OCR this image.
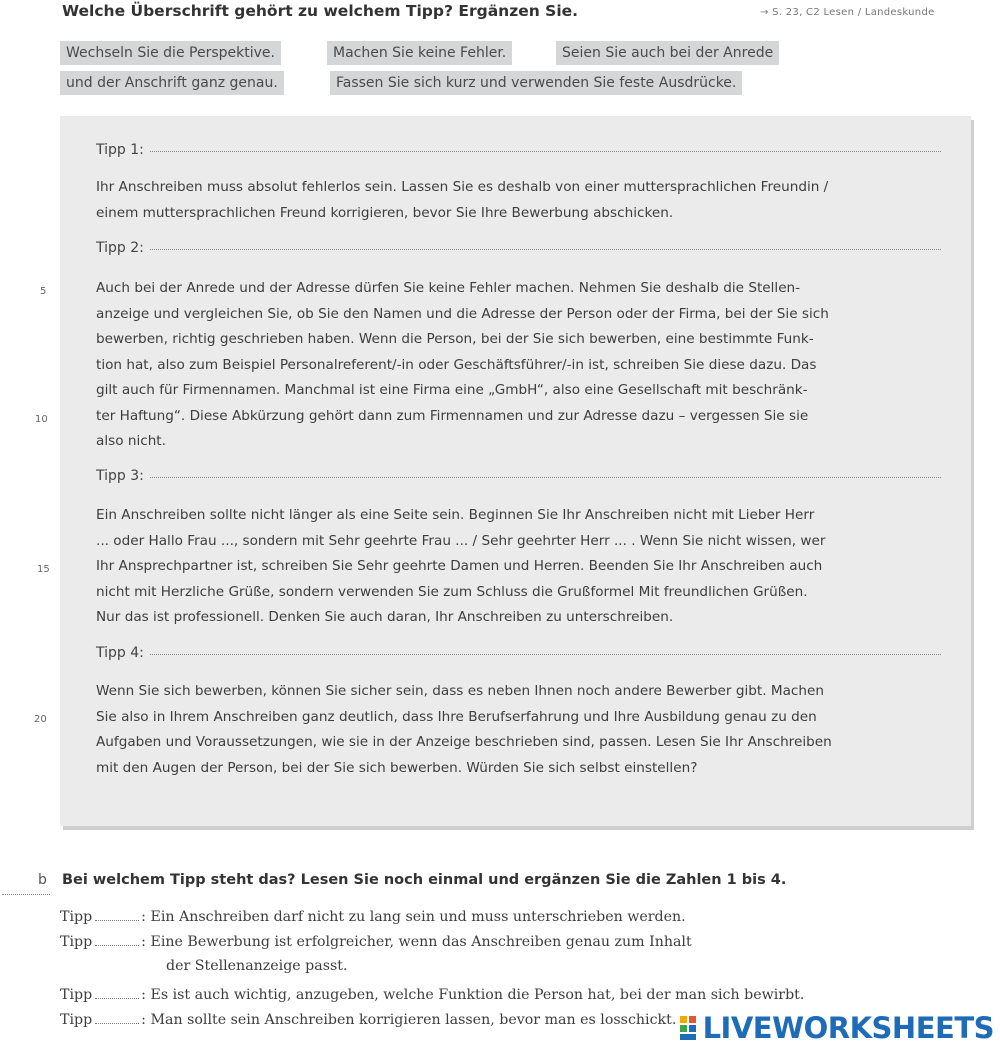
Welche Überschrift gehört zu welchem Tipp? Ergänzen Sie.	→ S. 23, C2 Lesen / Landeskunde
Wechseln Sie die Perspektive.	Machen Sie keine Fehler.	Seien Sie auch bei der Anrede
und der Anschrift ganz genau.	Fassen Sie sich kurz und verwenden Sie feste Ausdrücke.
Tipp 1:
Ihr Anschreiben muss absolut fehlerlos sein. Lassen Sie es deshalb von einer muttersprachlichen Freundin /
einem muttersprachlichen Freund korrigieren, bevor Sie Ihre Bewerbung abschicken.
Tipp 2:
Auch bei der Anrede und der Adresse dürfen Sie keine Fehler machen. Nehmen Sie deshalb die Stellen-
anzeige und vergleichen Sie, ob Sie den Namen und die Adresse der Person oder der Firma, bei der Sie sich
bewerben, richtig geschrieben haben. Wenn die Person, bei der Sie sich bewerben, eine bestimmte Funk-
tion hat, also zum Beispiel Personalreferent/-in oder Geschäftsführer/-in ist, schreiben Sie diese dazu. Das
gilt auch für Firmennamen. Manchmal ist eine Firma eine „GmbH“, also eine Gesellschaft mit beschränk-
ter Haftung“. Diese Abkürzung gehört dann zum Firmennamen und zur Adresse dazu – vergessen Sie sie
also nicht.
Tipp 3:
Ein Anschreiben sollte nicht länger als eine Seite sein. Beginnen Sie Ihr Anschreiben nicht mit Lieber Herr
... oder Hallo Frau ..., sondern mit Sehr geehrte Frau ... / Sehr geehrter Herr ... . Wenn Sie nicht wissen, wer
Ihr Ansprechpartner ist, schreiben Sie Sehr geehrte Damen und Herren. Beenden Sie Ihr Anschreiben auch
nicht mit Herzliche Grüße, sondern verwenden Sie zum Schluss die Grußformel Mit freundlichen Grüßen.
Nur das ist professionell. Denken Sie auch daran, Ihr Anschreiben zu unterschreiben.
Tipp 4:
Wenn Sie sich bewerben, können Sie sicher sein, dass es neben Ihnen noch andere Bewerber gibt. Machen
Sie also in Ihrem Anschreiben ganz deutlich, dass Ihre Berufserfahrung und Ihre Ausbildung genau zu den
Aufgaben und Voraussetzungen, wie sie in der Anzeige beschrieben sind, passen. Lesen Sie Ihr Anschreiben
mit den Augen der Person, bei der Sie sich bewerben. Würden Sie sich selbst einstellen?
5
10
15
20
b Bei welchem Tipp steht das? Lesen Sie noch einmal und ergänzen Sie die Zahlen 1 bis 4.
Tipp	: Ein Anschreiben darf nicht zu lang sein und muss unterschrieben werden.
Tipp	: Eine Bewerbung ist erfolgreicher, wenn das Anschreiben genau zum Inhalt
der Stellenanzeige passt.
Tipp	: Es ist auch wichtig, anzugeben, welche Funktion die Person hat, bei der man sich bewirbt.
Tipp	: Man sollte sein Anschreiben korrigieren lassen, bevor man es losschickt. LIVEWORKSHEETS
